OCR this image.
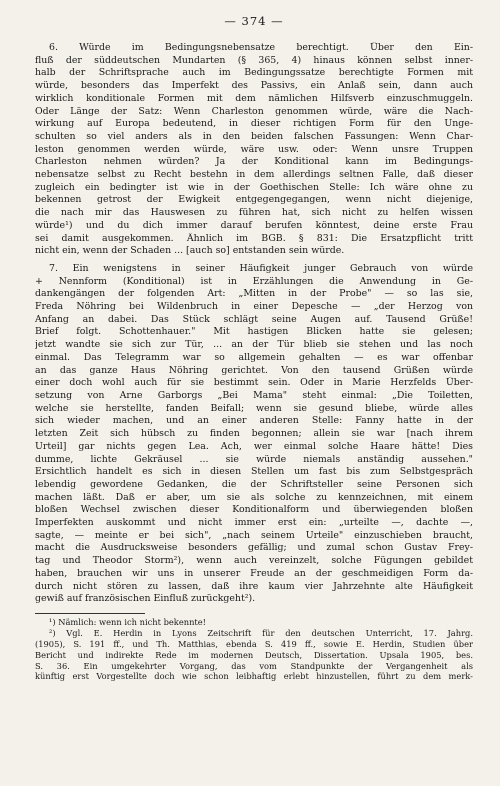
— 374 —
6. Würde im Bedingungsnebensatze berechtigt. Über den Ein-
fluß der süddeutschen Mundarten (§ 365, 4) hinaus können selbst inner-
halb der Schriftsprache auch im Bedingungssatze berechtigte Formen mit
würde, besonders das Imperfekt des Passivs, ein Anlaß sein, dann auch
wirklich konditionale Formen mit dem nämlichen Hilfsverb einzuschmuggeln.
Oder Länge der Satz: Wenn Charleston genommen würde, wäre die Nach-
wirkung auf Europa bedeutend, in dieser richtigen Form für den Unge-
schulten so viel anders als in den beiden falschen Fassungen: Wenn Char-
leston genommen werden würde, wäre usw. oder: Wenn unsre Truppen
Charleston nehmen würden? Ja der Konditional kann im Bedingungs-
nebensatze selbst zu Recht bestehn in dem allerdings seltnen Falle, daß dieser
zugleich ein bedingter ist wie in der Goethischen Stelle: Ich wäre ohne zu
bekennen getrost der Ewigkeit entgegengegangen, wenn nicht diejenige,
die nach mir das Hauswesen zu führen hat, sich nicht zu helfen wissen
würde¹) und du dich immer darauf berufen könntest, deine erste Frau
sei damit ausgekommen. Ähnlich im BGB. § 831: Die Ersatzpflicht tritt
nicht ein, wenn der Schaden ... [auch so] entstanden sein würde.
7. Ein wenigstens in seiner Häufigkeit junger Gebrauch von würde
+ Nennform (Konditional) ist in Erzählungen die Anwendung in Ge-
dankengängen der folgenden Art: „Mitten in der Probe" — so las sie,
Freda Nöhring bei Wildenbruch in einer Depesche — „der Herzog von
Anfang an dabei. Das Stück schlägt seine Augen auf. Tausend Grüße!
Brief folgt. Schottenhauer." Mit hastigen Blicken hatte sie gelesen;
jetzt wandte sie sich zur Tür, ... an der Tür blieb sie stehen und las noch
einmal. Das Telegramm war so allgemein gehalten — es war offenbar
an das ganze Haus Nöhring gerichtet. Von den tausend Grüßen würde
einer doch wohl auch für sie bestimmt sein. Oder in Marie Herzfelds Über-
setzung von Arne Garborgs „Bei Mama" steht einmal: „Die Toiletten,
welche sie herstellte, fanden Beifall; wenn sie gesund bliebe, würde alles
sich wieder machen, und an einer anderen Stelle: Fanny hatte in der
letzten Zeit sich hübsch zu finden begonnen; allein sie war [nach ihrem
Urteil] gar nichts gegen Lea. Ach, wer einmal solche Haare hätte! Dies
dumme, lichte Gekräusel ... sie würde niemals anständig aussehen."
Ersichtlich handelt es sich in diesen Stellen um fast bis zum Selbstgespräch
lebendig gewordene Gedanken, die der Schriftsteller seine Personen sich
machen läßt. Daß er aber, um sie als solche zu kennzeichnen, mit einem
bloßen Wechsel zwischen dieser Konditionalform und überwiegenden bloßen
Imperfekten auskommt und nicht immer erst ein: „urteilte —, dachte —,
sagte, — meinte er bei sich", „nach seinem Urteile" einzuschieben braucht,
macht die Ausdrucksweise besonders gefällig; und zumal schon Gustav Frey-
tag und Theodor Storm²), wenn auch vereinzelt, solche Fügungen gebildet
haben, brauchen wir uns in unserer Freude an der geschmeidigen Form da-
durch nicht stören zu lassen, daß ihre kaum vier Jahrzehnte alte Häufigkeit
gewiß auf französischen Einfluß zurückgeht²).
¹) Nämlich: wenn ich nicht bekennte!
²) Vgl. E. Herdin in Lyons Zeitschrift für den deutschen Unterricht, 17. Jahrg.
(1905), S. 191 ff., und Th. Matthias, ebenda S. 419 ff., sowie E. Herdin, Studien über
Bericht und indirekte Rede im modernen Deutsch, Dissertation. Upsala 1905, bes.
S. 36. Ein umgekehrter Vorgang, das vom Standpunkte der Vergangenheit als
künftig erst Vorgestellte doch wie schon leibhaftig erlebt hinzustellen, führt zu dem merk-
